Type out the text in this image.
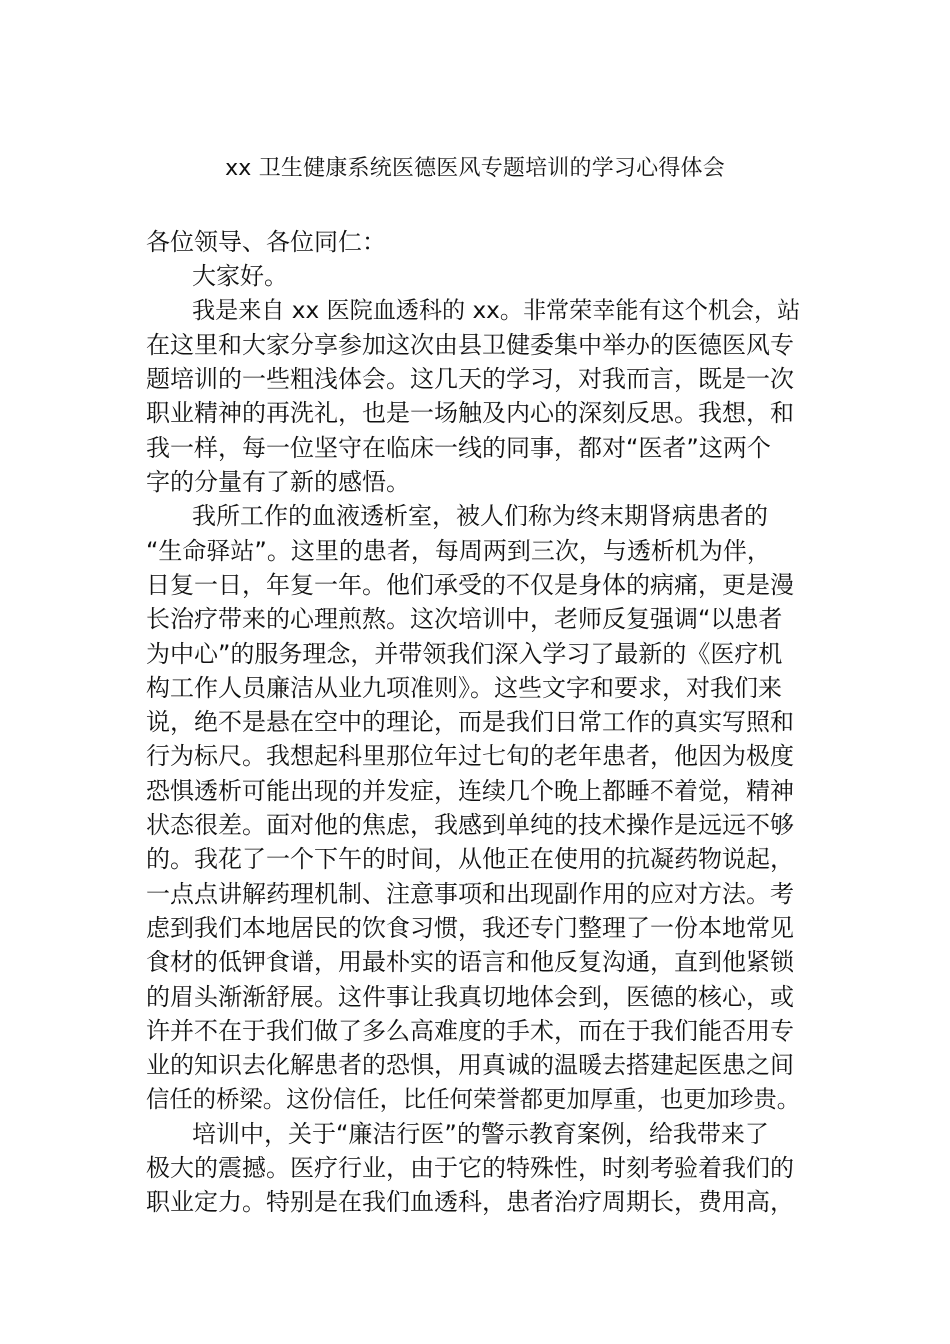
xx 卫生健康系统医德医风专题培训的学习心得体会
各位领导、各位同仁：
大家好。
我是来自 xx 医院血透科的 xx。非常荣幸能有这个机会，站
在这里和大家分享参加这次由县卫健委集中举办的医德医风专
题培训的一些粗浅体会。这几天的学习，对我而言，既是一次
职业精神的再洗礼，也是一场触及内心的深刻反思。我想，和
我一样，每一位坚守在临床一线的同事，都对“医者”这两个
字的分量有了新的感悟。
我所工作的血液透析室，被人们称为终末期肾病患者的
“生命驿站”。这里的患者，每周两到三次，与透析机为伴，
日复一日，年复一年。他们承受的不仅是身体的病痛，更是漫
长治疗带来的心理煎熬。这次培训中，老师反复强调“以患者
为中心”的服务理念，并带领我们深入学习了最新的《医疗机
构工作人员廉洁从业九项准则》。这些文字和要求，对我们来
说，绝不是悬在空中的理论，而是我们日常工作的真实写照和
行为标尺。我想起科里那位年过七旬的老年患者，他因为极度
恐惧透析可能出现的并发症，连续几个晚上都睡不着觉，精神
状态很差。面对他的焦虑，我感到单纯的技术操作是远远不够
的。我花了一个下午的时间，从他正在使用的抗凝药物说起，
一点点讲解药理机制、注意事项和出现副作用的应对方法。考
虑到我们本地居民的饮食习惯，我还专门整理了一份本地常见
食材的低钾食谱，用最朴实的语言和他反复沟通，直到他紧锁
的眉头渐渐舒展。这件事让我真切地体会到，医德的核心，或
许并不在于我们做了多么高难度的手术，而在于我们能否用专
业的知识去化解患者的恐惧，用真诚的温暖去搭建起医患之间
信任的桥梁。这份信任，比任何荣誉都更加厚重，也更加珍贵。
培训中，关于“廉洁行医”的警示教育案例，给我带来了
极大的震撼。医疗行业，由于它的特殊性，时刻考验着我们的
职业定力。特别是在我们血透科，患者治疗周期长，费用高，
